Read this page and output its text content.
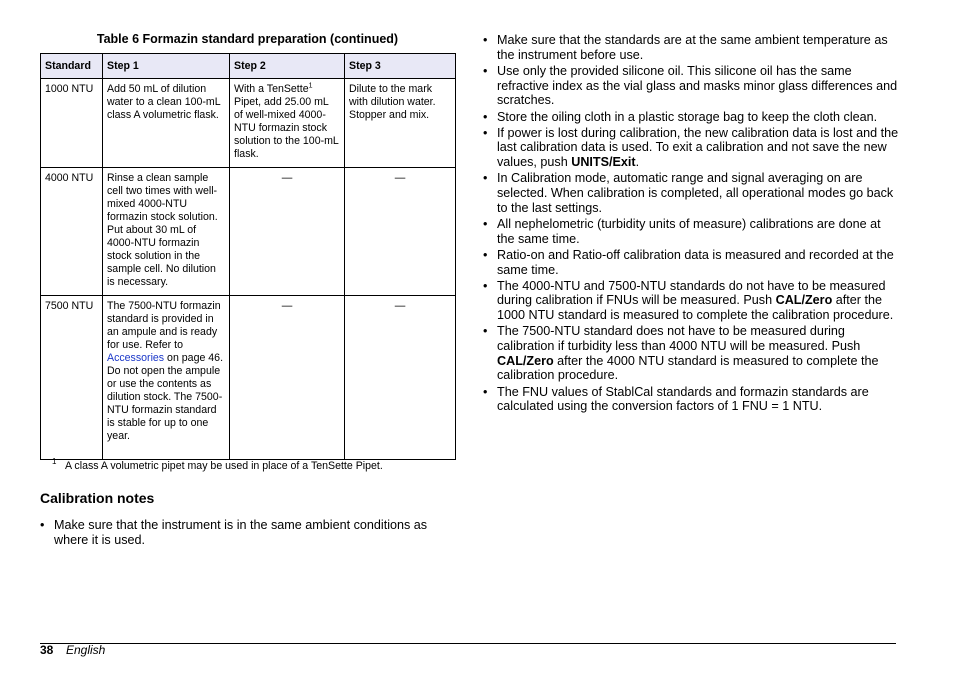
Table 6 Formazin standard preparation (continued)
Standard	Step 1	Step 2	Step 3
1000 NTU	Add 50 mL of dilution water to a clean 100-mL class A volumetric flask.	With a TenSette$^1$ Pipet, add 25.00 mL of well-mixed 4000-NTU formazin stock solution to the 100-mL flask.	Dilute to the mark with dilution water. Stopper and mix.
4000 NTU	Rinse a clean sample cell two times with well-mixed 4000-NTU formazin stock solution. Put about 30 mL of 4000-NTU formazin stock solution in the sample cell. No dilution is necessary.	—	—
7500 NTU	The 7500-NTU formazin standard is provided in an ampule and is ready for use. Refer to Accessories on page 46. Do not open the ampule or use the contents as dilution stock. The 7500-NTU formazin standard is stable for up to one year.	—	—
1 A class A volumetric pipet may be used in place of a TenSette Pipet.
Calibration notes
• Make sure that the instrument is in the same ambient conditions as where it is used.
• Make sure that the standards are at the same ambient temperature as the instrument before use.
• Use only the provided silicone oil. This silicone oil has the same refractive index as the vial glass and masks minor glass differences and scratches.
• Store the oiling cloth in a plastic storage bag to keep the cloth clean.
• If power is lost during calibration, the new calibration data is lost and the last calibration data is used. To exit a calibration and not save the new values, push UNITS/Exit.
• In Calibration mode, automatic range and signal averaging on are selected. When calibration is completed, all operational modes go back to the last settings.
• All nephelometric (turbidity units of measure) calibrations are done at the same time.
• Ratio-on and Ratio-off calibration data is measured and recorded at the same time.
• The 4000-NTU and 7500-NTU standards do not have to be measured during calibration if FNUs will be measured. Push CAL/Zero after the 1000 NTU standard is measured to complete the calibration procedure.
• The 7500-NTU standard does not have to be measured during calibration if turbidity less than 4000 NTU will be measured. Push CAL/Zero after the 4000 NTU standard is measured to complete the calibration procedure.
• The FNU values of StablCal standards and formazin standards are calculated using the conversion factors of 1 FNU = 1 NTU.
38 English
